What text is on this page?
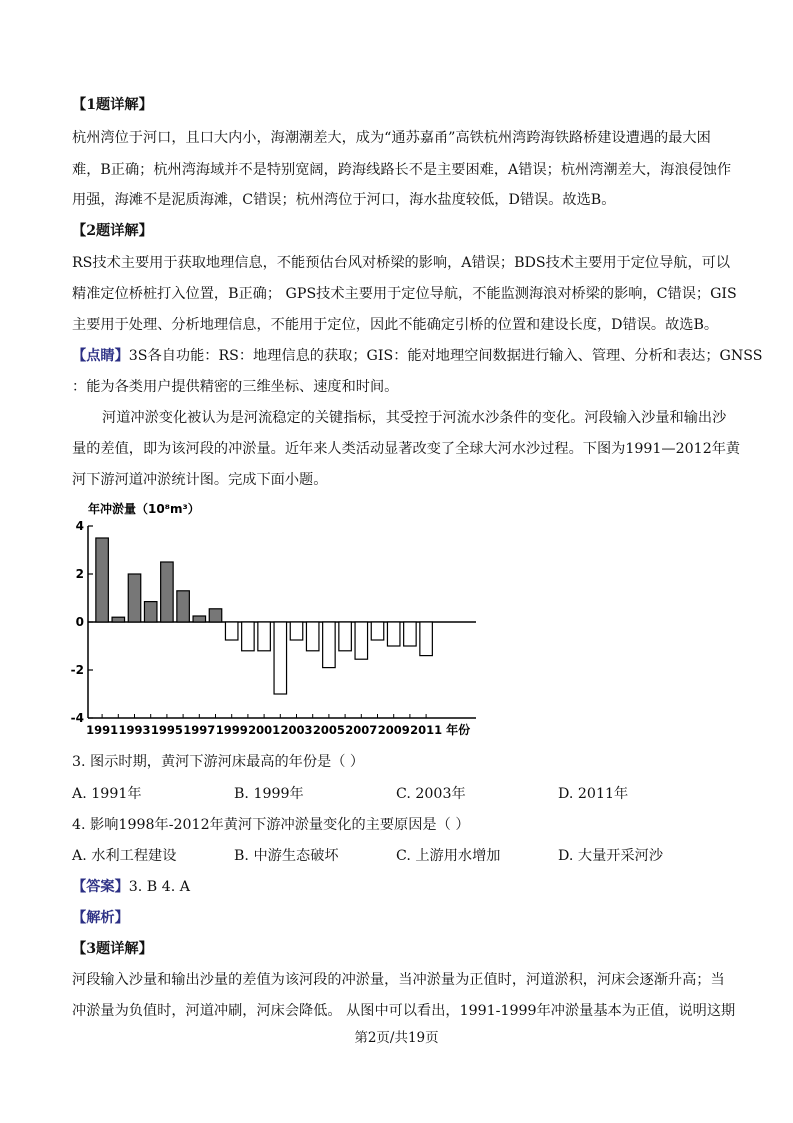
【1题详解】
杭州湾位于河口，且口大内小，海潮潮差大，成为“通苏嘉甬”高铁杭州湾跨海铁路桥建设遭遇的最大困
难，B正确；杭州湾海域并不是特别宽阔，跨海线路长不是主要困难，A错误；杭州湾潮差大，海浪侵蚀作
用强，海滩不是泥质海滩，C错误；杭州湾位于河口，海水盐度较低，D错误。故选B。
【2题详解】
RS技术主要用于获取地理信息，不能预估台风对桥梁的影响，A错误；BDS技术主要用于定位导航，可以
精准定位桥桩打入位置，B正确； GPS技术主要用于定位导航，不能监测海浪对桥梁的影响，C错误；GIS
主要用于处理、分析地理信息，不能用于定位，因此不能确定引桥的位置和建设长度，D错误。故选B。
【点睛】3S各自功能：RS：地理信息的获取；GIS：能对地理空间数据进行输入、管理、分析和表达；GNSS
：能为各类用户提供精密的三维坐标、速度和时间。
河道冲淤变化被认为是河流稳定的关键指标，其受控于河流水沙条件的变化。河段输入沙量和输出沙
量的差值，即为该河段的冲淤量。近年来人类活动显著改变了全球大河水沙过程。下图为1991—2012年黄
河下游河道冲淤统计图。完成下面小题。
年冲淤量（10⁸m³）
4
2
0
-2
-4
1991 1993 1995 1997 1999 2001 2003 2005 2007 2009 2011 年份
3. 图示时期，黄河下游河床最高的年份是（ ）
A. 1991年	B. 1999年	C. 2003年	D. 2011年
4. 影响1998年-2012年黄河下游冲淤量变化的主要原因是（ ）
A. 水利工程建设	B. 中游生态破坏	C. 上游用水增加	D. 大量开采河沙
【答案】3. B 4. A
【解析】
【3题详解】
河段输入沙量和输出沙量的差值为该河段的冲淤量，当冲淤量为正值时，河道淤积，河床会逐渐升高；当
冲淤量为负值时，河道冲刷，河床会降低。 从图中可以看出，1991-1999年冲淤量基本为正值，说明这期
第2页/共19页
